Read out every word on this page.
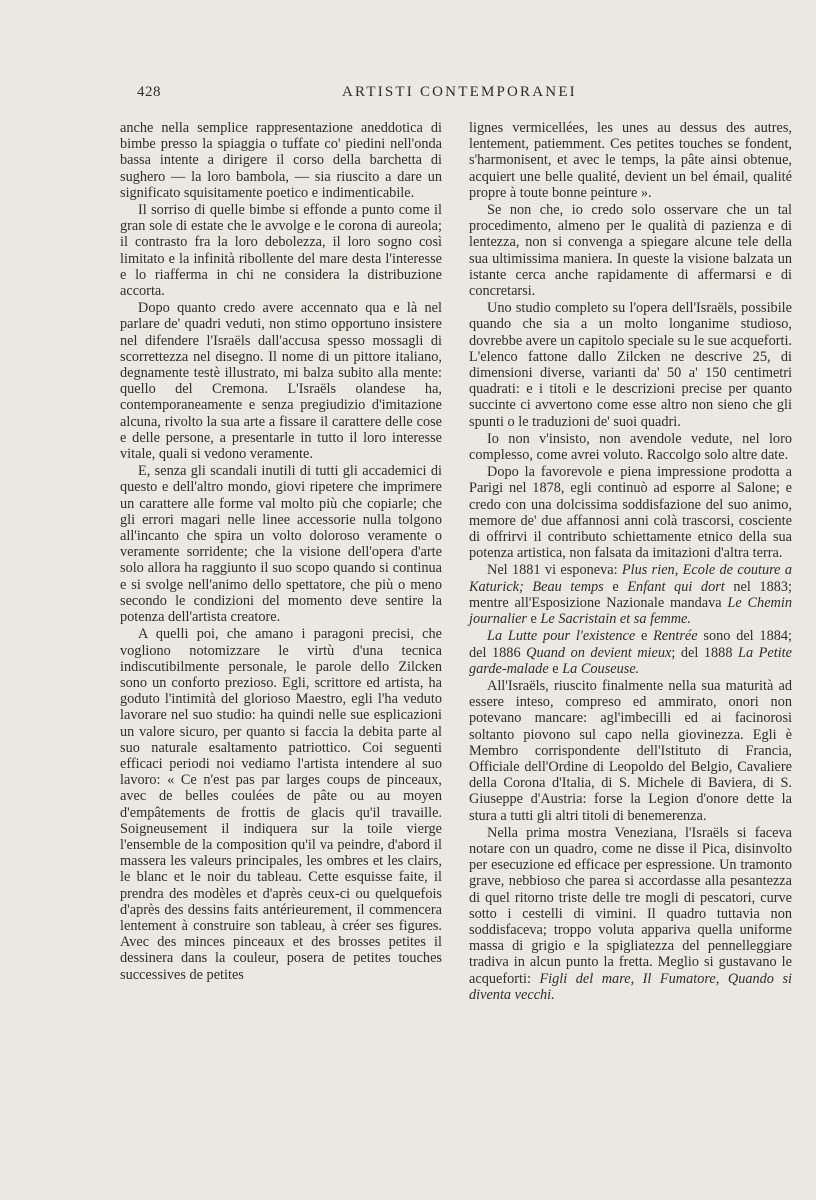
428	ARTISTI CONTEMPORANEI

anche nella semplice rappresentazione aneddotica di bimbe presso la spiaggia o tuffate co' piedini nell'onda bassa intente a dirigere il corso della barchetta di sughero — la loro bambola, — sia riuscito a dare un significato squisitamente poetico e indimenticabile.

Il sorriso di quelle bimbe si effonde a punto come il gran sole di estate che le avvolge e le corona di aureola; il contrasto fra la loro debolezza, il loro sogno così limitato e la infinità ribollente del mare desta l'interesse e lo riafferma in chi ne considera la distribuzione accorta.

Dopo quanto credo avere accennato qua e là nel parlare de' quadri veduti, non stimo opportuno insistere nel difendere l'Israëls dall'accusa spesso mossagli di scorrettezza nel disegno. Il nome di un pittore italiano, degnamente testè illustrato, mi balza subito alla mente: quello del Cremona. L'Israëls olandese ha, contemporaneamente e senza pregiudizio d'imitazione alcuna, rivolto la sua arte a fissare il carattere delle cose e delle persone, a presentarle in tutto il loro interesse vitale, quali si vedono veramente.

E, senza gli scandali inutili di tutti gli accademici di questo e dell'altro mondo, giovi ripetere che imprimere un carattere alle forme val molto più che copiarle; che gli errori magari nelle linee accessorie nulla tolgono all'incanto che spira un volto doloroso veramente o veramente sorridente; che la visione dell'opera d'arte solo allora ha raggiunto il suo scopo quando si continua e si svolge nell'animo dello spettatore, che più o meno secondo le condizioni del momento deve sentire la potenza dell'artista creatore.

A quelli poi, che amano i paragoni precisi, che vogliono notomizzare le virtù d'una tecnica indiscutibilmente personale, le parole dello Zilcken sono un conforto prezioso. Egli, scrittore ed artista, ha goduto l'intimità del glorioso Maestro, egli l'ha veduto lavorare nel suo studio: ha quindi nelle sue esplicazioni un valore sicuro, per quanto si faccia la debita parte al suo naturale esaltamento patriottico. Coi seguenti efficaci periodi noi vediamo l'artista intendere al suo lavoro: « Ce n'est pas par larges coups de pinceaux, avec de belles coulées de pâte ou au moyen d'empâtements de frottis de glacis qu'il travaille. Soigneusement il indiquera sur la toile vierge l'ensemble de la composition qu'il va peindre, d'abord il massera les valeurs principales, les ombres et les clairs, le blanc et le noir du tableau. Cette esquisse faite, il prendra des modèles et d'après ceux-ci ou quelquefois d'après des dessins faits antérieurement, il commencera lentement à construire son tableau, à créer ses figures. Avec des minces pinceaux et des brosses petites il dessinera dans la couleur, posera de petites touches successives de petites

lignes vermicellées, les unes au dessus des autres, lentement, patiemment. Ces petites touches se fondent, s'harmonisent, et avec le temps, la pâte ainsi obtenue, acquiert une belle qualité, devient un bel émail, qualité propre à toute bonne peinture ».

Se non che, io credo solo osservare che un tal procedimento, almeno per le qualità di pazienza e di lentezza, non si convenga a spiegare alcune tele della sua ultimissima maniera. In queste la visione balzata un istante cerca anche rapidamente di affermarsi e di concretarsi.

Uno studio completo su l'opera dell'Israëls, possibile quando che sia a un molto longanime studioso, dovrebbe avere un capitolo speciale su le sue acqueforti. L'elenco fattone dallo Zilcken ne descrive 25, di dimensioni diverse, varianti da' 50 a' 150 centimetri quadrati: e i titoli e le descrizioni precise per quanto succinte ci avvertono come esse altro non sieno che gli spunti o le traduzioni de' suoi quadri.

Io non v'insisto, non avendole vedute, nel loro complesso, come avrei voluto. Raccolgo solo altre date.

Dopo la favorevole e piena impressione prodotta a Parigi nel 1878, egli continuò ad esporre al Salone; e credo con una dolcissima soddisfazione del suo animo, memore de' due affannosi anni colà trascorsi, cosciente di offrirvi il contributo schiettamente etnico della sua potenza artistica, non falsata da imitazioni d'altra terra.

Nel 1881 vi esponeva: Plus rien, Ecole de couture a Katurick; Beau temps e Enfant qui dort nel 1883; mentre all'Esposizione Nazionale mandava Le Chemin journalier e Le Sacristain et sa femme.

La Lutte pour l'existence e Rentrée sono del 1884; del 1886 Quand on devient mieux; del 1888 La Petite garde-malade e La Couseuse.

All'Israëls, riuscito finalmente nella sua maturità ad essere inteso, compreso ed ammirato, onori non potevano mancare: agl'imbecilli ed ai facinorosi soltanto piovono sul capo nella giovinezza. Egli è Membro corrispondente dell'Istituto di Francia, Officiale dell'Ordine di Leopoldo del Belgio, Cavaliere della Corona d'Italia, di S. Michele di Baviera, di S. Giuseppe d'Austria: forse la Legion d'onore dette la stura a tutti gli altri titoli di benemerenza.

Nella prima mostra Veneziana, l'Israëls si faceva notare con un quadro, come ne disse il Pica, disinvolto per esecuzione ed efficace per espressione. Un tramonto grave, nebbioso che parea si accordasse alla pesantezza di quel ritorno triste delle tre mogli di pescatori, curve sotto i cestelli di vimini. Il quadro tuttavia non soddisfaceva; troppo voluta appariva quella uniforme massa di grigio e la spigliatezza del pennelleggiare tradiva in alcun punto la fretta. Meglio si gustavano le acqueforti: Figli del mare, Il Fumatore, Quando si diventa vecchi.
